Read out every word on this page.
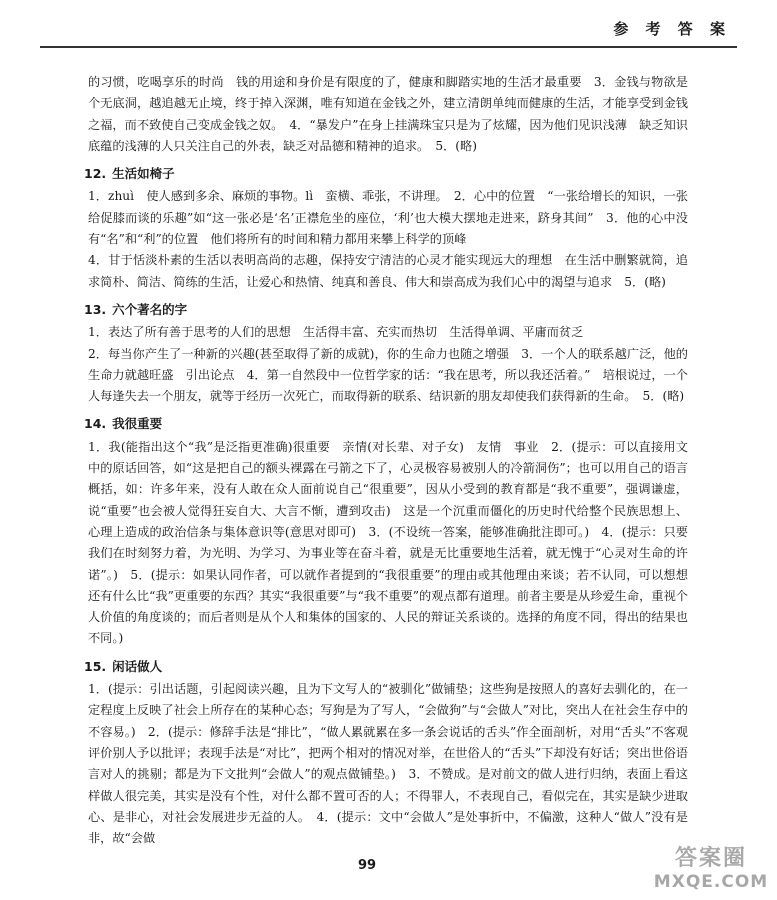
参 考 答 案

的习惯，吃喝享乐的时尚　钱的用途和身价是有限度的了，健康和脚踏实地的生活才最重要　3．金钱与物欲是个无底洞，越追越无止境，终于掉入深渊，唯有知道在金钱之外，建立清朗单纯而健康的生活，才能享受到金钱之福，而不致使自己变成金钱之奴。　4．“暴发户”在身上挂满珠宝只是为了炫耀，因为他们见识浅薄　缺乏知识底蕴的浅薄的人只关注自己的外表，缺乏对品德和精神的追求。　5．(略)

12. 生活如椅子

1．zhuì　使人感到多余、麻烦的事物。lì　蛮横、乖张，不讲理。　2．心中的位置　“一张给增长的知识，一张给促膝而谈的乐趣”如“这一张必是‘名’正襟危坐的座位，‘利’也大模大摆地走进来，跻身其间”　3．他的心中没有“名”和“利”的位置　他们将所有的时间和精力都用来攀上科学的顶峰

4．甘于恬淡朴素的生活以表明高尚的志趣，保持安宁清洁的心灵才能实现远大的理想　在生活中删繁就简，追求简朴、简洁、简练的生活，让爱心和热情、纯真和善良、伟大和崇高成为我们心中的渴望与追求　5．(略)

13. 六个著名的字

1．表达了所有善于思考的人们的思想　生活得丰富、充实而热切　生活得单调、平庸而贫乏

2．每当你产生了一种新的兴趣(甚至取得了新的成就)，你的生命力也随之增强　3．一个人的联系越广泛，他的生命力就越旺盛　引出论点　4．第一自然段中一位哲学家的话：“我在思考，所以我还活着。”　培根说过，一个人每逢失去一个朋友，就等于经历一次死亡，而取得新的联系、结识新的朋友却使我们获得新的生命。　5．(略)

14. 我很重要

1．我(能指出这个“我”是泛指更准确)很重要　亲情(对长辈、对子女)　友情　事业　2．(提示：可以直接用文中的原话回答，如“这是把自己的额头裸露在弓箭之下了，心灵极容易被别人的冷箭洞伤”；也可以用自己的语言概括，如：许多年来，没有人敢在众人面前说自己“很重要”，因从小受到的教育都是“我不重要”，强调谦虚，说“重要”也会被人觉得狂妄自大、大言不惭，遭到攻击)　这是一个沉重而僵化的历史时代给整个民族思想上、心理上造成的政治信条与集体意识等(意思对即可)　3．(不设统一答案，能够准确批注即可。)　4．(提示：只要我们在时刻努力着，为光明、为学习、为事业等在奋斗着，就是无比重要地生活着，就无愧于“心灵对生命的许诺”。)　5．(提示：如果认同作者，可以就作者提到的“我很重要”的理由或其他理由来谈；若不认同，可以想想还有什么比“我”更重要的东西？其实“我很重要”与“我不重要”的观点都有道理。前者主要是从珍爱生命，重视个人价值的角度谈的；而后者则是从个人和集体的国家的、人民的辩证关系谈的。选择的角度不同，得出的结果也不同。)

15. 闲话做人

1．(提示：引出话题，引起阅读兴趣，且为下文写人的“被驯化”做铺垫；这些狗是按照人的喜好去驯化的，在一定程度上反映了社会上所存在的某种心态；写狗是为了写人，“会做狗”与“会做人”对比，突出人在社会生存中的不容易。)　2．(提示：修辞手法是“排比”，“做人累就累在多一条会说话的舌头”作全面剖析，对用“舌头”不客观评价别人予以批评；表现手法是“对比”，把两个相对的情况对举，在世俗人的“舌头”下却没有好话；突出世俗语言对人的挑剔；都是为下文批判“会做人”的观点做铺垫。)　3．不赞成。是对前文的做人进行归纳，表面上看这样做人很完美，其实是没有个性，对什么都不置可否的人；不得罪人，不表现自己，看似完在，其实是缺少进取心、是非心，对社会发展进步无益的人。　4．(提示：文中“会做人”是处事折中，不偏激，这种人“做人”没有是非，故“会做

99	答案圈
MXQE.COM
